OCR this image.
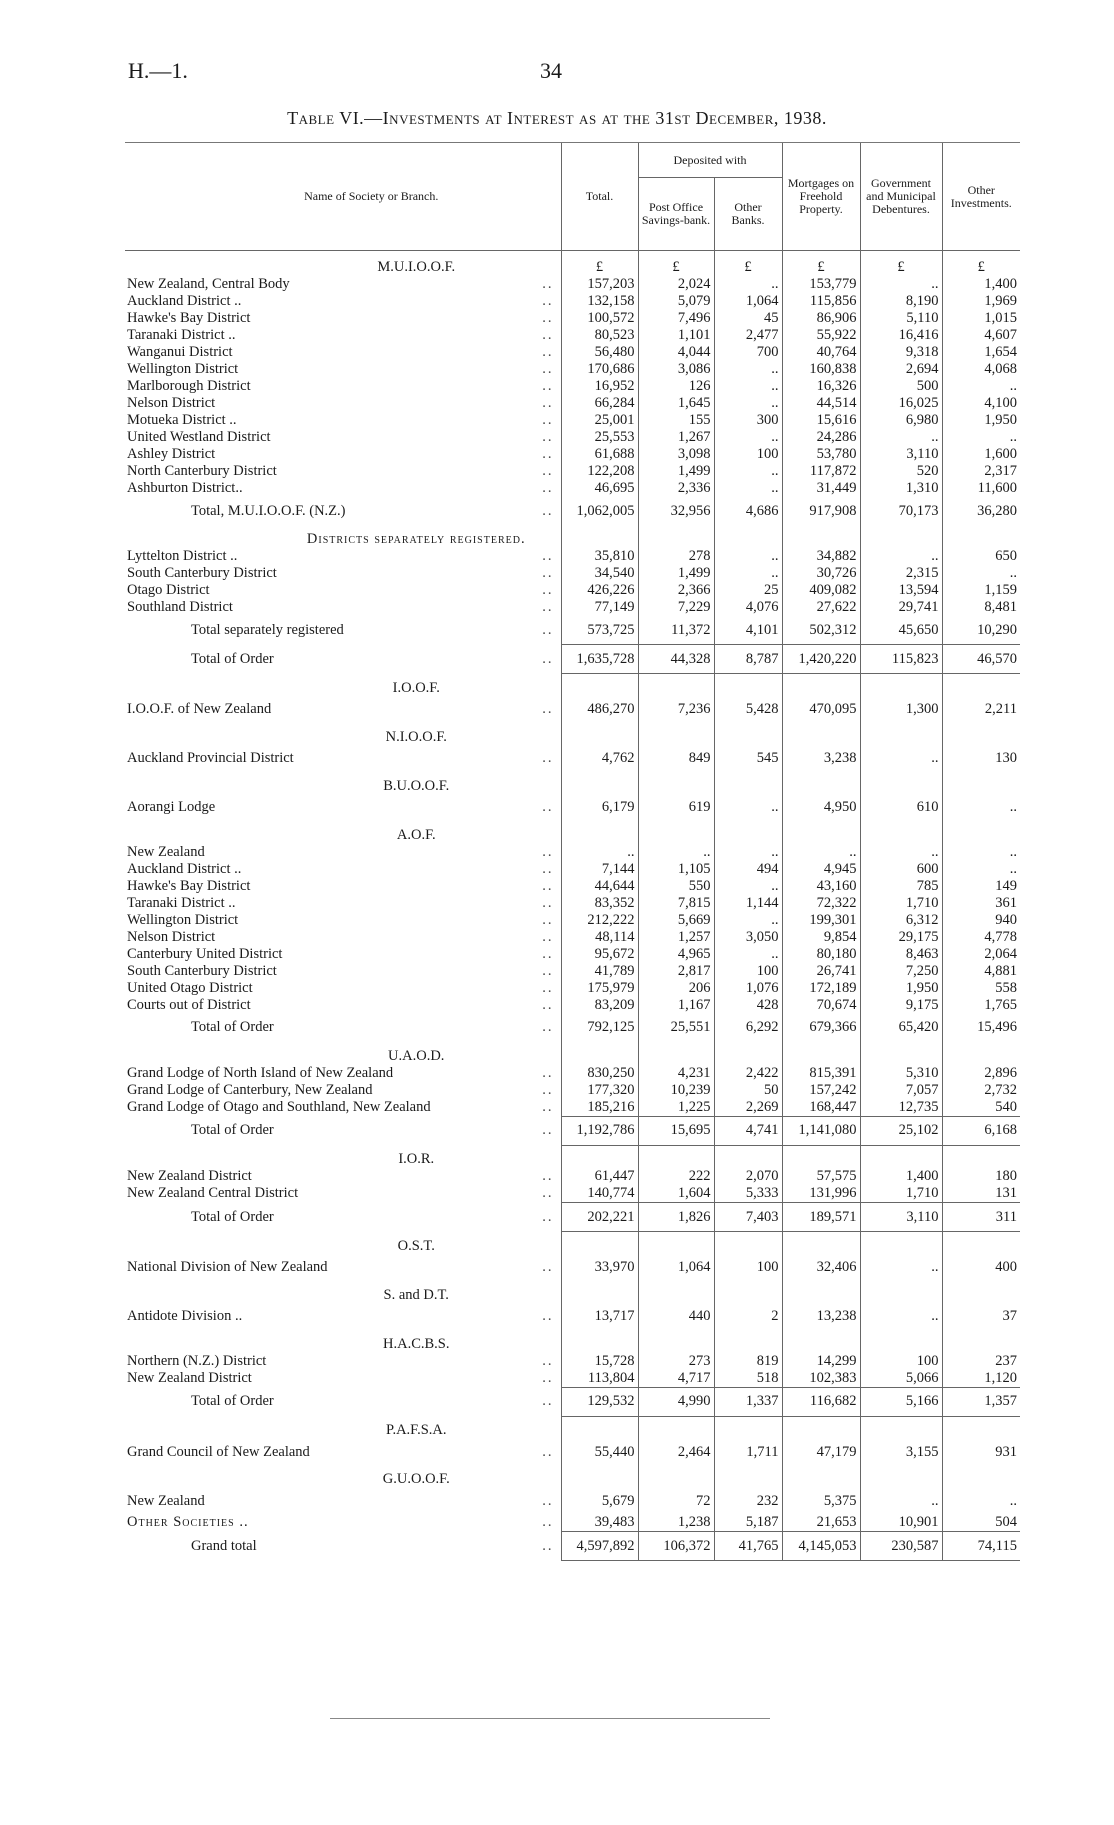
H.—1.	34
Table VI.—Investments at Interest as at the 31st December, 1938.
Name of Society or Branch.	Total.	Deposited with		Mortgages on Freehold Property.	Government and Municipal Debentures.	Other Investments.
		Post Office Savings-bank.	Other Banks.			
M.U.I.O.O.F.	£	£	£	£	£	£
New Zealand, Central Body ..	157,203	2,024	..	153,779	..	1,400
Auckland District .. ..	132,158	5,079	1,064	115,856	8,190	1,969
Hawke's Bay District ..	100,572	7,496	45	86,906	5,110	1,015
Taranaki District .. ..	80,523	1,101	2,477	55,922	16,416	4,607
Wanganui District ..	56,480	4,044	700	40,764	9,318	1,654
Wellington District ..	170,686	3,086	..	160,838	2,694	4,068
Marlborough District ..	16,952	126	..	16,326	500	..
Nelson District ..	66,284	1,645	..	44,514	16,025	4,100
Motueka District .. ..	25,001	155	300	15,616	6,980	1,950
United Westland District ..	25,553	1,267	..	24,286	..	..
Ashley District ..	61,688	3,098	100	53,780	3,110	1,600
North Canterbury District ..	122,208	1,499	..	117,872	520	2,317
Ashburton District.. ..	46,695	2,336	..	31,449	1,310	11,600
Total, M.U.I.O.O.F. (N.Z.) ..	1,062,005	32,956	4,686	917,908	70,173	36,280
Districts separately registered.						
Lyttelton District .. ..	35,810	278	..	34,882	..	650
South Canterbury District ..	34,540	1,499	..	30,726	2,315	..
Otago District ..	426,226	2,366	25	409,082	13,594	1,159
Southland District ..	77,149	7,229	4,076	27,622	29,741	8,481
Total separately registered ..	573,725	11,372	4,101	502,312	45,650	10,290
Total of Order ..	1,635,728	44,328	8,787	1,420,220	115,823	46,570
I.O.O.F.						
I.O.O.F. of New Zealand ..	486,270	7,236	5,428	470,095	1,300	2,211
N.I.O.O.F.						
Auckland Provincial District ..	4,762	849	545	3,238	..	130
B.U.O.O.F.						
Aorangi Lodge ..	6,179	619	..	4,950	610	..
A.O.F.						
New Zealand ..	..	..	..	..	..	..
Auckland District .. ..	7,144	1,105	494	4,945	600	..
Hawke's Bay District ..	44,644	550	..	43,160	785	149
Taranaki District .. ..	83,352	7,815	1,144	72,322	1,710	361
Wellington District ..	212,222	5,669	..	199,301	6,312	940
Nelson District ..	48,114	1,257	3,050	9,854	29,175	4,778
Canterbury United District ..	95,672	4,965	..	80,180	8,463	2,064
South Canterbury District ..	41,789	2,817	100	26,741	7,250	4,881
United Otago District ..	175,979	206	1,076	172,189	1,950	558
Courts out of District ..	83,209	1,167	428	70,674	9,175	1,765
Total of Order ..	792,125	25,551	6,292	679,366	65,420	15,496
U.A.O.D.						
Grand Lodge of North Island of New Zealand ..	830,250	4,231	2,422	815,391	5,310	2,896
Grand Lodge of Canterbury, New Zealand ..	177,320	10,239	50	157,242	7,057	2,732
Grand Lodge of Otago and Southland, New Zealand ..	185,216	1,225	2,269	168,447	12,735	540
Total of Order ..	1,192,786	15,695	4,741	1,141,080	25,102	6,168
I.O.R.						
New Zealand District ..	61,447	222	2,070	57,575	1,400	180
New Zealand Central District ..	140,774	1,604	5,333	131,996	1,710	131
Total of Order ..	202,221	1,826	7,403	189,571	3,110	311
O.S.T.						
National Division of New Zealand ..	33,970	1,064	100	32,406	..	400
S. and D.T.						
Antidote Division .. ..	13,717	440	2	13,238	..	37
H.A.C.B.S.						
Northern (N.Z.) District ..	15,728	273	819	14,299	100	237
New Zealand District ..	113,804	4,717	518	102,383	5,066	1,120
Total of Order ..	129,532	4,990	1,337	116,682	5,166	1,357
P.A.F.S.A.						
Grand Council of New Zealand ..	55,440	2,464	1,711	47,179	3,155	931
G.U.O.O.F.						
New Zealand ..	5,679	72	232	5,375	..	..
Other Societies .. ..	39,483	1,238	5,187	21,653	10,901	504
Grand total ..	4,597,892	106,372	41,765	4,145,053	230,587	74,115
